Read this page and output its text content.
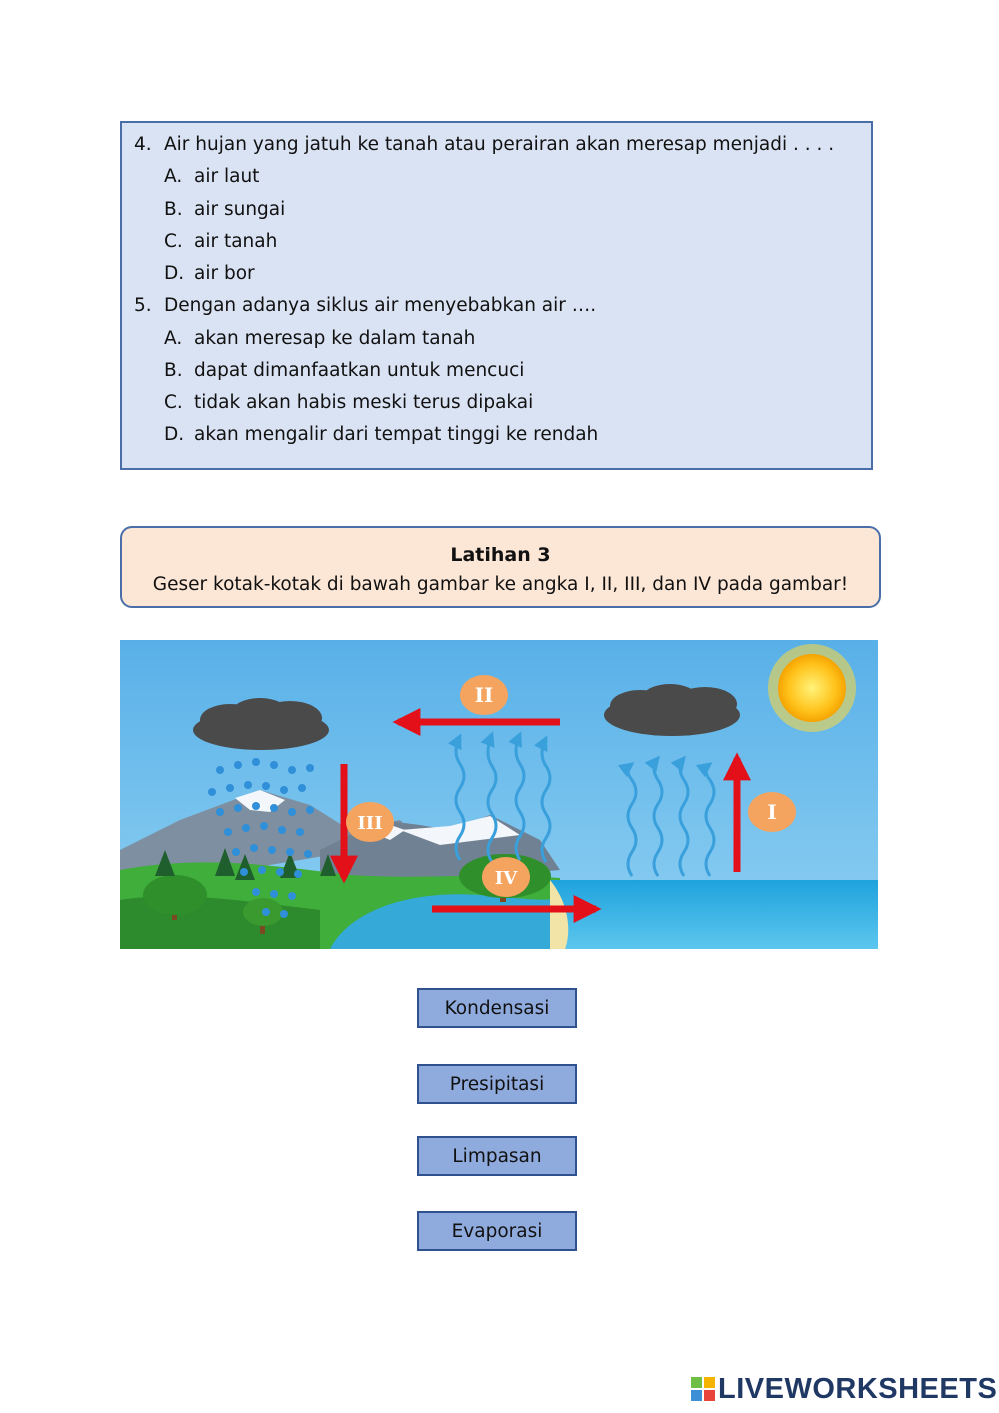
4. Air hujan yang jatuh ke tanah atau perairan akan meresap menjadi . . . .
A. air laut
B. air sungai
C. air tanah
D. air bor
5. Dengan adanya siklus air menyebabkan air ….
A. akan meresap ke dalam tanah
B. dapat dimanfaatkan untuk mencuci
C. tidak akan habis meski terus dipakai
D. akan mengalir dari tempat tinggi ke rendah
Latihan 3
Geser kotak-kotak di bawah gambar ke angka I, II, III, dan IV pada gambar!
I
II
III
IV
Kondensasi
Presipitasi
Limpasan
Evaporasi
LIVEWORKSHEETS
